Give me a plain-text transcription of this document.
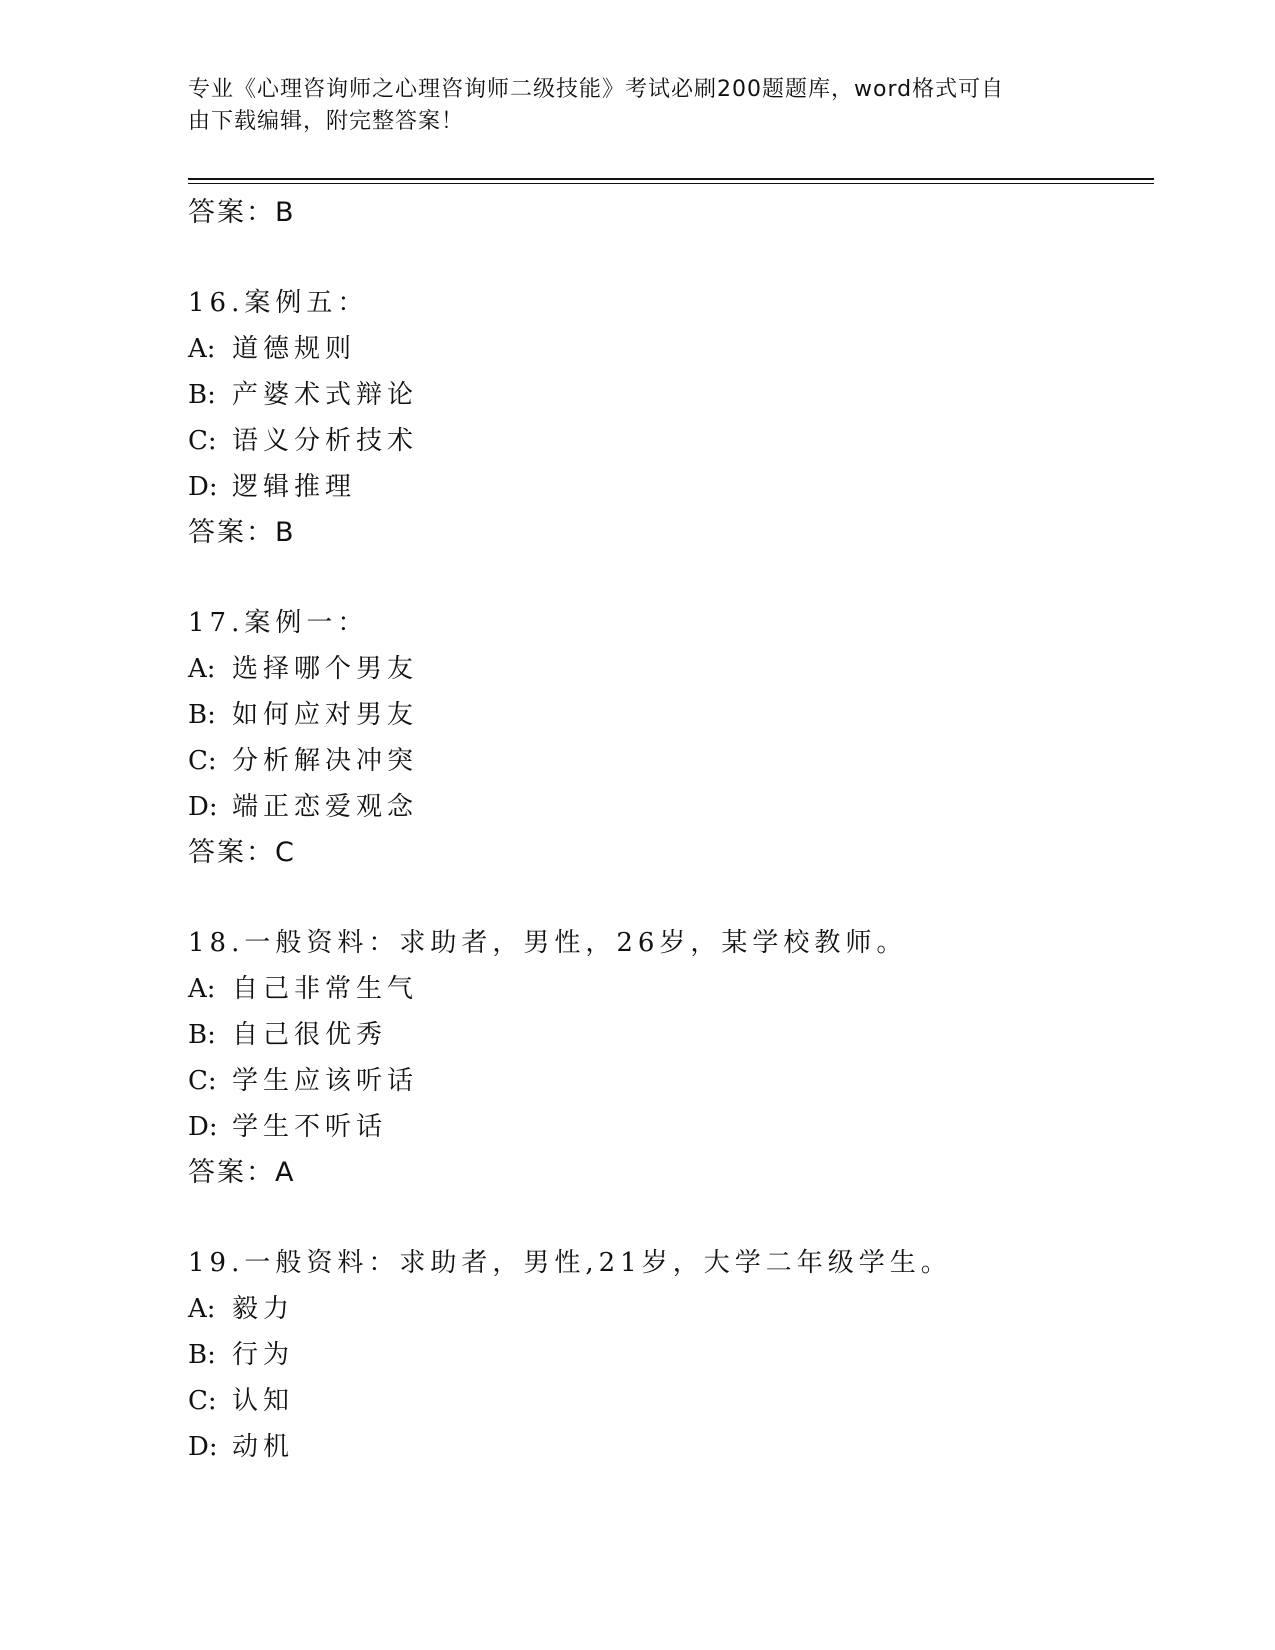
专业《心理咨询师之心理咨询师二级技能》考试必刷200题题库，word格式可自
由下载编辑，附完整答案！
答案：B
16.案例五：
A: 道德规则
B: 产婆术式辩论
C: 语义分析技术
D: 逻辑推理
答案：B
17.案例一：
A: 选择哪个男友
B: 如何应对男友
C: 分析解决冲突
D: 端正恋爱观念
答案：C
18.一般资料：求助者，男性，26岁，某学校教师。
A: 自己非常生气
B: 自己很优秀
C: 学生应该听话
D: 学生不听话
答案：A
19.一般资料：求助者，男性,21岁，大学二年级学生。
A: 毅力
B: 行为
C: 认知
D: 动机
